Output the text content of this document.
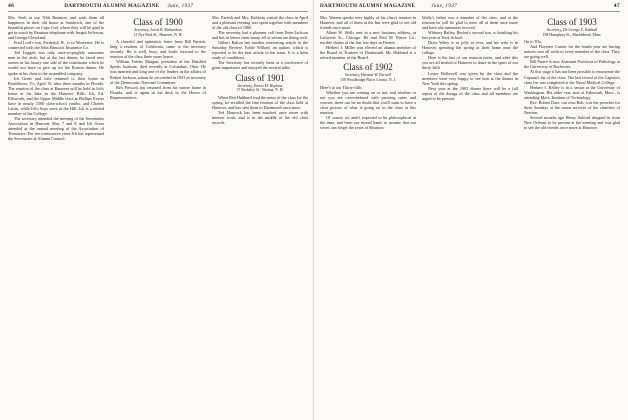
46	DARTMOUTH ALUMNI MAGAZINE June, 1937

Mrs. Seeh at our 50th Reunion, and wish them all happiness in their old home at Sandwich, one of the beautiful places on Cape Cod, where they will be glad to get in touch by Reunion telephone with Joseph Jefferson, and George Cleveland.

Fred Lord's son, Frederick H., is in Worcester. He is connected with the John Hancock Insurance Co.

Ted Leggett was only once-a-sprightly sunrooms man in the aisle, but at the last dinner, he faced new scenes in his luxury one side of the courthouse which he would not have to give up for the Boston dinner. He spoke at his chair to the assembled company.

Ich Greer and wife returned to their home in Brattleboro, Vt., April 15, after three months in Florida. The reunion of the class at Hanover will be held in Ich's home at his lake in the Hanover Hills. Ich, Ed. Ellsworth, and the Upper Middle class at Phillips Exeter have in nearly 1500 class-school youths, and Charles Lattin, while Ich's boys were at the Hill. Ich is a retired member of the College.

The secretary attended the meeting of the Secretaries Association in Hanover May 7 and 8 and Ich Greer attended at the annual meeting of the Association of Treasurers. For ten consecutive years Ich has represented the Secretaries at Alumni Council.

Class of 1900
Secretary, Lewis B. Richardson
11 Nye Park St., Hanover, N. H.

A cheerful and optimistic letter from Bill Parrish, long a resident of California, came to the secretary recently. He is well, busy, and looks forward to the reunion of the class three years hence.

William Forbes Morgan, president of the Distilled Spirits Institute, died recently at Columbus, Ohio. He was married and long one of the leaders in the affairs of Robert Jackson, whom he succeeded in 1933 as secretary of the Democratic National Committee.

Ben Prescott has returned from his winter home in Florida, and is again at his desk in the House of Representatives.

Mrs. Parrish and Mrs. Baldwin visited the class in April and a pleasant evening was spent together with members of the old class of 1900.

The secretary had a pleasant call from Peter Jackson and has in letters from many, all of whom are doing well.

Gilbert Balton has another interesting article in the Saturday Review. Eddie Willard, an author, which is reported to be the best article in the issue. It is a keen study of conditions.

The Secretary has recently been at a conference of great importance and enjoyed the several talks.

Class of 1901
Secretary, Ernest M. Hopkins
37 Berkeley St., Nashua, N. H.

When Ben Hubbard read the notes of the class for the spring, he recalled the fine reunion of the class held at Hanover, and has sent them to Dartmouth once more.

Ted Hancock has been touched once more with interest work, and is in the middle of the old class records.

DARTMOUTH ALUMNI MAGAZINE	June, 1937	47

Mrs. Warren speaks very highly of his class's reunion in Hanover, and all of them at the Inn were glad to see old friends once more.

Albert W. Wells sent in a new business address, at Lafayette St., Chicago. He and Paul M. Pierce Co., terrible chains of the last few days in Detroit.

Herbert J. Miller was elected an alumni member of the Board of Trustees of Dartmouth. Mr. Hubbard is a retired member of the Board.

Class of 1902
Secretary, Hermon W. Farwell
130 Woodbridge Place, Leonia, N. J.

Here's to our Thirty-fifth.

Whether you are coming on or not, and whether or not you are overwhelmed with pressing cares and worries, there can be no doubt that you'll want to have a clear picture of what is going on in the class at this reunion.

Of course we aren't expected to be philosophical at the time, and from our mixed hand, to assume that our wives can forget the years of Reunion.

Wally's father was a member of the class, and at the reunion he will be glad to meet all of them once more and have old memories revived.

Whitney Bailey, Becker's second son, is finishing his last year at Tuck School.

Dixie Wiley is as jolly as ever, and his wife is in Hanover spending the spring at their home near the college.

Here is the last of our reunion notes, and after this you are all invited to Hanover to share in the spirit of our thirty-fifth.

Lester Hallowell was given by the class and the members were very happy to see him at the dinner in New York this spring.

Next year at the 1902 dinner there will be a full report of the doings of the class and all members are urged to be present.

Class of 1903
Secretary, Dr. George E. Kimball
198 Humphrey St., Marblehead, Mass.

On to '03s.

And Florence Carrier for the fourth year are having notices sent all week to every member of the class. They are going well.

Bill Pierce is now Assistant Professor of Pathology at the University of Rochester.

At this stage it has not been possible to enumerate the Captain's list of the class. The last record of the Captain's class list was completed at the Naval Medical College.

Herbert I. Kelley is in a senior at the University of Washington. His older son, now at Falmouth, Mass., is attending Mass. Institute of Technology.

Rev. Robert Dare, our own Bob, was the preacher for three Sundays at the union services of the churches of Newton.

Several months ago Henry Sulford dropped in from New Orleans to be present at the meeting and was glad to see the old friends once more at Hanover.
